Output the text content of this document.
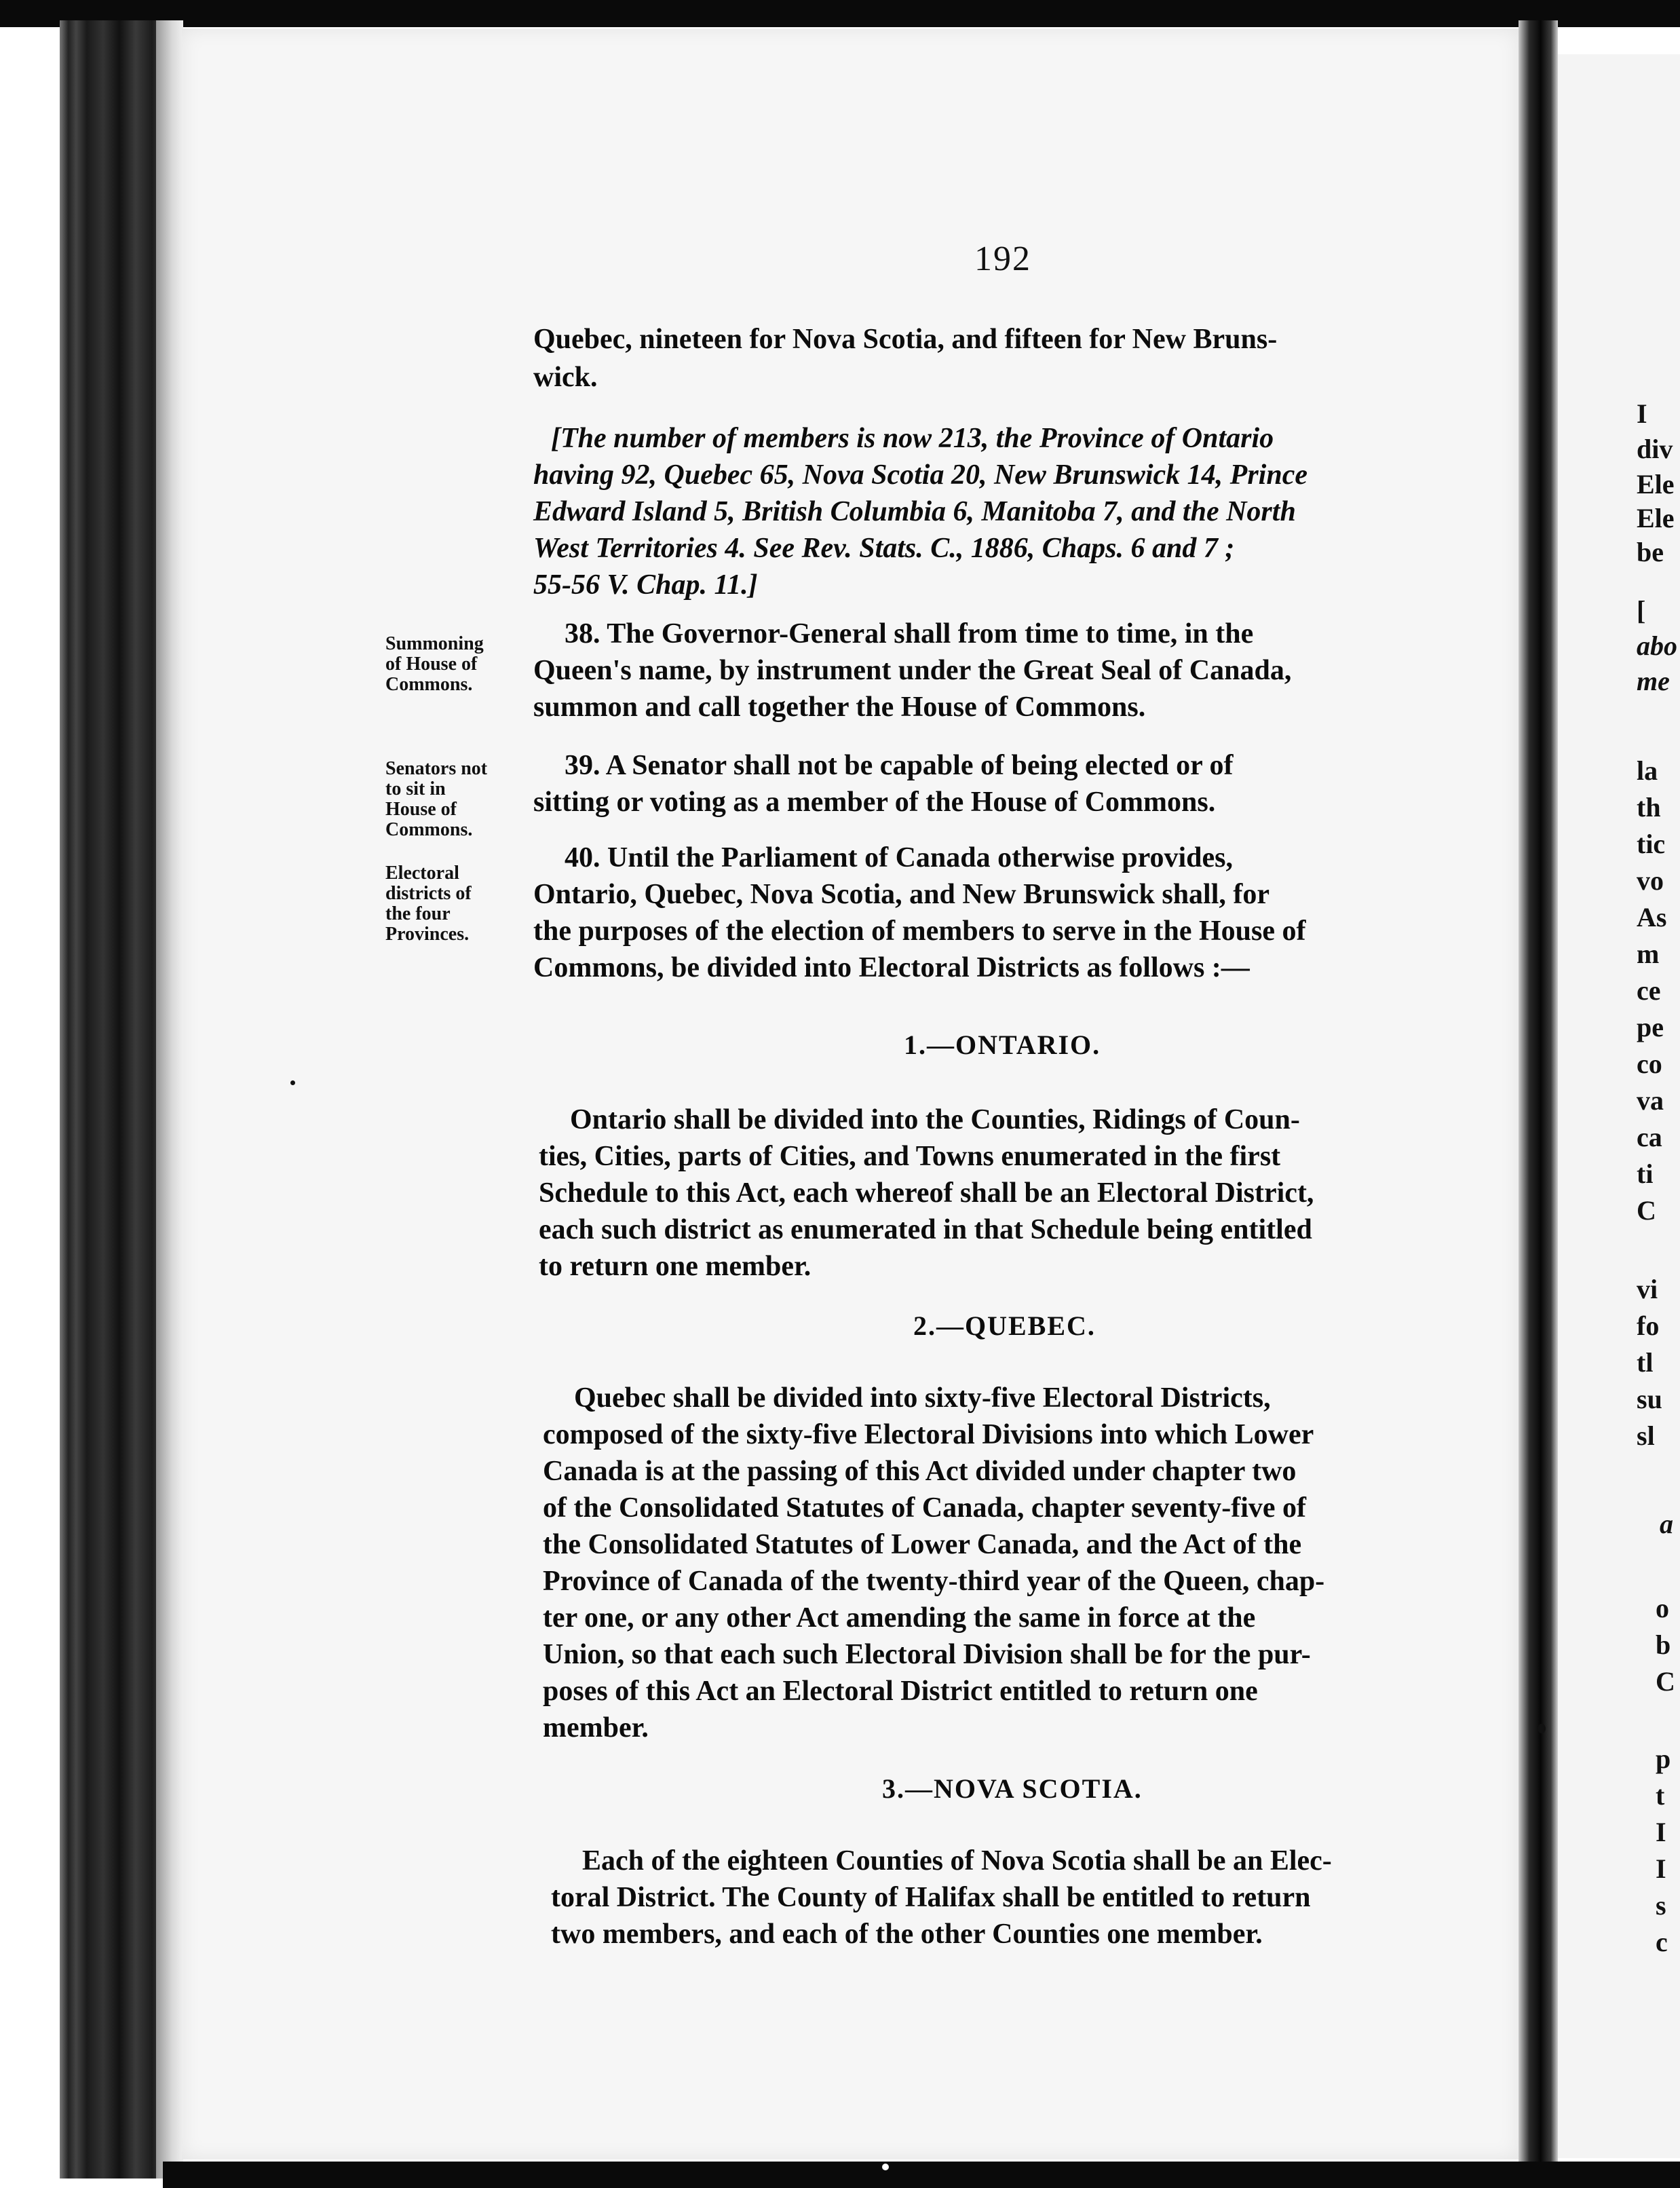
192
Quebec, nineteen for Nova Scotia, and fifteen for New Bruns-
wick.
[The number of members is now 213, the Province of Ontario
having 92, Quebec 65, Nova Scotia 20, New Brunswick 14, Prince
Edward Island 5, British Columbia 6, Manitoba 7, and the North
West Territories 4. See Rev. Stats. C., 1886, Chaps. 6 and 7 ;
55-56 V. Chap. 11.]
Summoning
of House of
Commons.
38. The Governor-General shall from time to time, in the
Queen's name, by instrument under the Great Seal of Canada,
summon and call together the House of Commons.
Senators not
to sit in
House of
Commons.
39. A Senator shall not be capable of being elected or of
sitting or voting as a member of the House of Commons.
Electoral
districts of
the four
Provinces.
40. Until the Parliament of Canada otherwise provides,
Ontario, Quebec, Nova Scotia, and New Brunswick shall, for
the purposes of the election of members to serve in the House of
Commons, be divided into Electoral Districts as follows :—
1.—ONTARIO.
Ontario shall be divided into the Counties, Ridings of Coun-
ties, Cities, parts of Cities, and Towns enumerated in the first
Schedule to this Act, each whereof shall be an Electoral District,
each such district as enumerated in that Schedule being entitled
to return one member.
2.—QUEBEC.
Quebec shall be divided into sixty-five Electoral Districts,
composed of the sixty-five Electoral Divisions into which Lower
Canada is at the passing of this Act divided under chapter two
of the Consolidated Statutes of Canada, chapter seventy-five of
the Consolidated Statutes of Lower Canada, and the Act of the
Province of Canada of the twenty-third year of the Queen, chap-
ter one, or any other Act amending the same in force at the
Union, so that each such Electoral Division shall be for the pur-
poses of this Act an Electoral District entitled to return one
member.
3.—NOVA SCOTIA.
Each of the eighteen Counties of Nova Scotia shall be an Elec-
toral District. The County of Halifax shall be entitled to return
two members, and each of the other Counties one member.
I
div
Ele
Ele
be
[
abo
me
la
th
tic
vo
As
m
ce
pe
co
va
ca
ti
C
vi
fo
tl
su
sl
a
o
b
C
p
t
I
I
s
c
